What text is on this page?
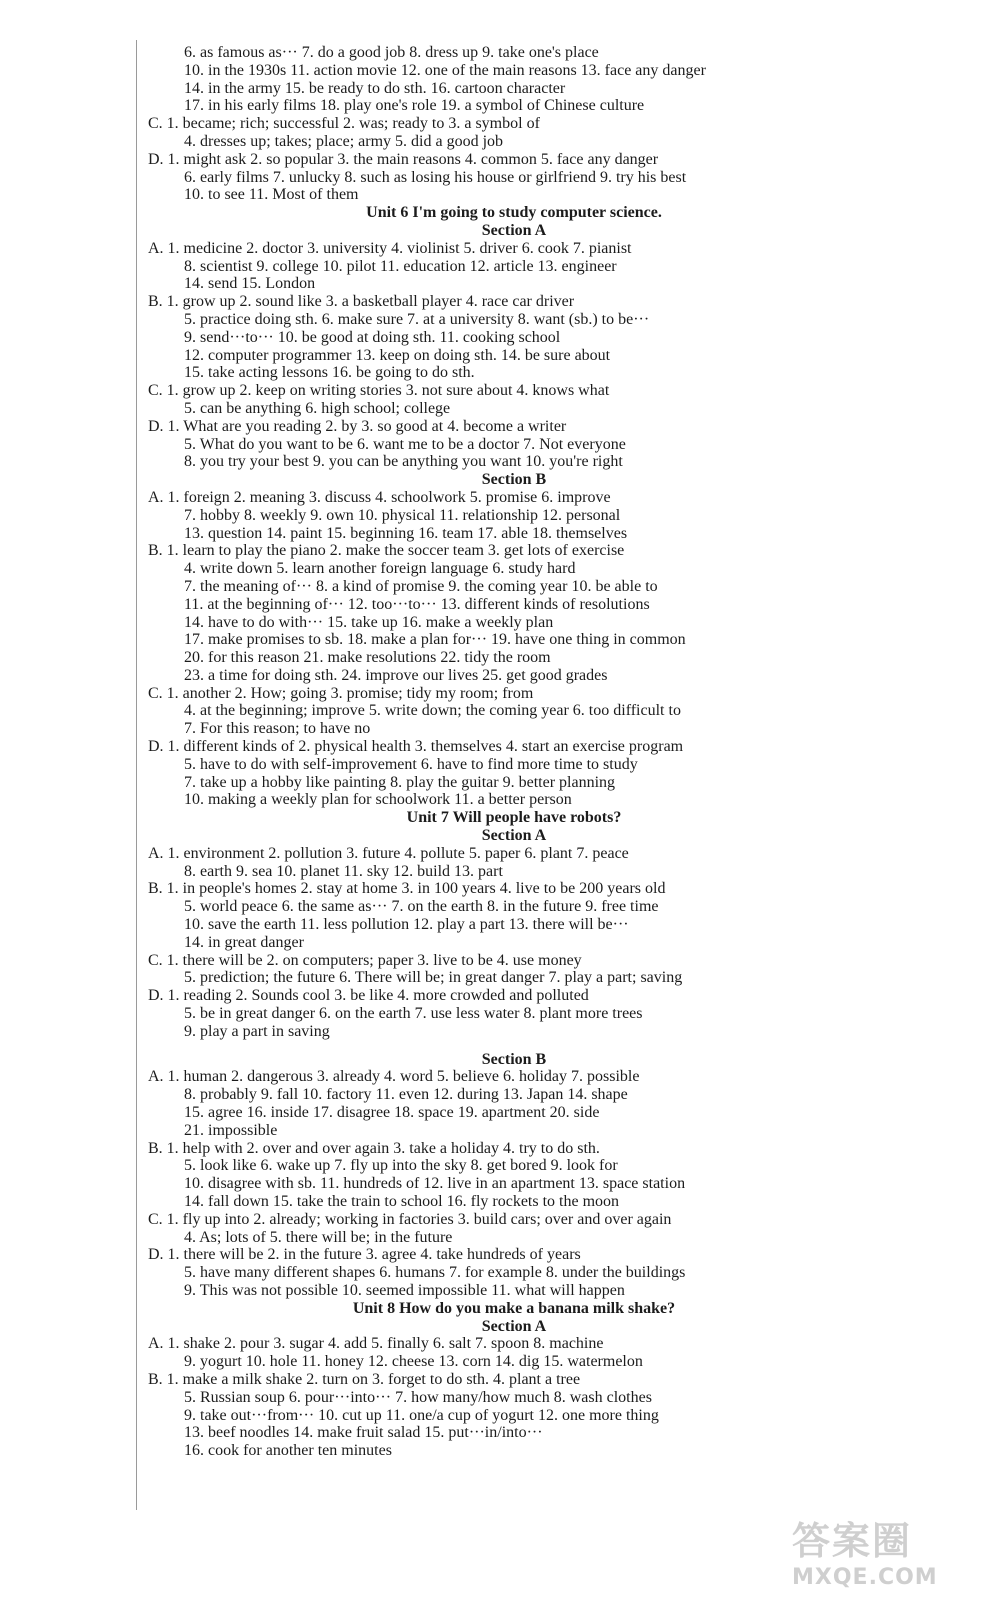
6. as famous as··· 7. do a good job 8. dress up 9. take one's place
10. in the 1930s 11. action movie 12. one of the main reasons 13. face any danger
14. in the army 15. be ready to do sth. 16. cartoon character
17. in his early films 18. play one's role 19. a symbol of Chinese culture
C. 1. became; rich; successful 2. was; ready to 3. a symbol of
4. dresses up; takes; place; army 5. did a good job
D. 1. might ask 2. so popular 3. the main reasons 4. common 5. face any danger
6. early films 7. unlucky 8. such as losing his house or girlfriend 9. try his best
10. to see 11. Most of them
Unit 6 I'm going to study computer science.
Section A
A. 1. medicine 2. doctor 3. university 4. violinist 5. driver 6. cook 7. pianist
8. scientist 9. college 10. pilot 11. education 12. article 13. engineer
14. send 15. London
B. 1. grow up 2. sound like 3. a basketball player 4. race car driver
5. practice doing sth. 6. make sure 7. at a university 8. want (sb.) to be···
9. send···to··· 10. be good at doing sth. 11. cooking school
12. computer programmer 13. keep on doing sth. 14. be sure about
15. take acting lessons 16. be going to do sth.
C. 1. grow up 2. keep on writing stories 3. not sure about 4. knows what
5. can be anything 6. high school; college
D. 1. What are you reading 2. by 3. so good at 4. become a writer
5. What do you want to be 6. want me to be a doctor 7. Not everyone
8. you try your best 9. you can be anything you want 10. you're right
Section B
A. 1. foreign 2. meaning 3. discuss 4. schoolwork 5. promise 6. improve
7. hobby 8. weekly 9. own 10. physical 11. relationship 12. personal
13. question 14. paint 15. beginning 16. team 17. able 18. themselves
B. 1. learn to play the piano 2. make the soccer team 3. get lots of exercise
4. write down 5. learn another foreign language 6. study hard
7. the meaning of··· 8. a kind of promise 9. the coming year 10. be able to
11. at the beginning of··· 12. too···to··· 13. different kinds of resolutions
14. have to do with··· 15. take up 16. make a weekly plan
17. make promises to sb. 18. make a plan for··· 19. have one thing in common
20. for this reason 21. make resolutions 22. tidy the room
23. a time for doing sth. 24. improve our lives 25. get good grades
C. 1. another 2. How; going 3. promise; tidy my room; from
4. at the beginning; improve 5. write down; the coming year 6. too difficult to
7. For this reason; to have no
D. 1. different kinds of 2. physical health 3. themselves 4. start an exercise program
5. have to do with self-improvement 6. have to find more time to study
7. take up a hobby like painting 8. play the guitar 9. better planning
10. making a weekly plan for schoolwork 11. a better person
Unit 7 Will people have robots?
Section A
A. 1. environment 2. pollution 3. future 4. pollute 5. paper 6. plant 7. peace
8. earth 9. sea 10. planet 11. sky 12. build 13. part
B. 1. in people's homes 2. stay at home 3. in 100 years 4. live to be 200 years old
5. world peace 6. the same as··· 7. on the earth 8. in the future 9. free time
10. save the earth 11. less pollution 12. play a part 13. there will be···
14. in great danger
C. 1. there will be 2. on computers; paper 3. live to be 4. use money
5. prediction; the future 6. There will be; in great danger 7. play a part; saving
D. 1. reading 2. Sounds cool 3. be like 4. more crowded and polluted
5. be in great danger 6. on the earth 7. use less water 8. plant more trees
9. play a part in saving
Section B
A. 1. human 2. dangerous 3. already 4. word 5. believe 6. holiday 7. possible
8. probably 9. fall 10. factory 11. even 12. during 13. Japan 14. shape
15. agree 16. inside 17. disagree 18. space 19. apartment 20. side
21. impossible
B. 1. help with 2. over and over again 3. take a holiday 4. try to do sth.
5. look like 6. wake up 7. fly up into the sky 8. get bored 9. look for
10. disagree with sb. 11. hundreds of 12. live in an apartment 13. space station
14. fall down 15. take the train to school 16. fly rockets to the moon
C. 1. fly up into 2. already; working in factories 3. build cars; over and over again
4. As; lots of 5. there will be; in the future
D. 1. there will be 2. in the future 3. agree 4. take hundreds of years
5. have many different shapes 6. humans 7. for example 8. under the buildings
9. This was not possible 10. seemed impossible 11. what will happen
Unit 8 How do you make a banana milk shake?
Section A
A. 1. shake 2. pour 3. sugar 4. add 5. finally 6. salt 7. spoon 8. machine
9. yogurt 10. hole 11. honey 12. cheese 13. corn 14. dig 15. watermelon
B. 1. make a milk shake 2. turn on 3. forget to do sth. 4. plant a tree
5. Russian soup 6. pour···into··· 7. how many/how much 8. wash clothes
9. take out···from··· 10. cut up 11. one/a cup of yogurt 12. one more thing
13. beef noodles 14. make fruit salad 15. put···in/into···
16. cook for another ten minutes
答案圈
MXQE.COM
